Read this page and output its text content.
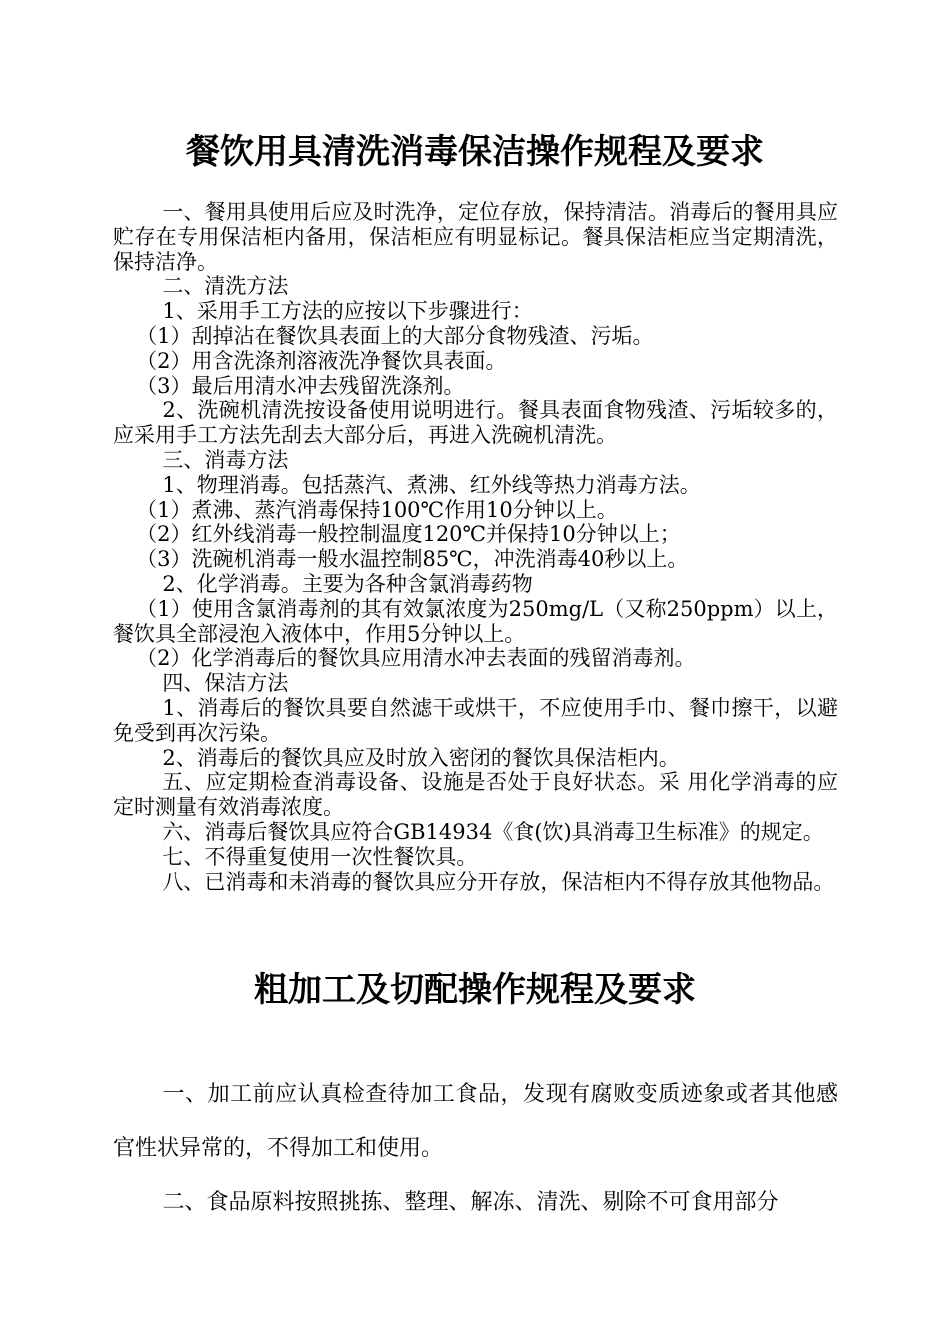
餐饮用具清洗消毒保洁操作规程及要求

一、餐用具使用后应及时洗净，定位存放，保持清洁。消毒后的餐用具应贮存在专用保洁柜内备用，保洁柜应有明显标记。餐具保洁柜应当定期清洗，保持洁净。

二、清洗方法

1、采用手工方法的应按以下步骤进行：

（1）刮掉沾在餐饮具表面上的大部分食物残渣、污垢。

（2）用含洗涤剂溶液洗净餐饮具表面。

（3）最后用清水冲去残留洗涤剂。

2、洗碗机清洗按设备使用说明进行。餐具表面食物残渣、污垢较多的，应采用手工方法先刮去大部分后，再进入洗碗机清洗。

三、消毒方法

1、物理消毒。包括蒸汽、煮沸、红外线等热力消毒方法。

（1）煮沸、蒸汽消毒保持100℃作用10分钟以上。

（2）红外线消毒一般控制温度120℃并保持10分钟以上；

（3）洗碗机消毒一般水温控制85℃，冲洗消毒40秒以上。

2、化学消毒。主要为各种含氯消毒药物

（1）使用含氯消毒剂的其有效氯浓度为250mg/L（又称250ppm）以上，餐饮具全部浸泡入液体中，作用5分钟以上。

（2）化学消毒后的餐饮具应用清水冲去表面的残留消毒剂。

四、保洁方法

1、消毒后的餐饮具要自然滤干或烘干，不应使用手巾、餐巾擦干，以避免受到再次污染。

2、消毒后的餐饮具应及时放入密闭的餐饮具保洁柜内。

五、应定期检查消毒设备、设施是否处于良好状态。采 用化学消毒的应定时测量有效消毒浓度。

六、消毒后餐饮具应符合GB14934《食(饮)具消毒卫生标准》的规定。

七、不得重复使用一次性餐饮具。

八、已消毒和未消毒的餐饮具应分开存放，保洁柜内不得存放其他物品。

粗加工及切配操作规程及要求

一、加工前应认真检查待加工食品，发现有腐败变质迹象或者其他感官性状异常的，不得加工和使用。

二、食品原料按照挑拣、整理、解冻、清洗、剔除不可食用部分
